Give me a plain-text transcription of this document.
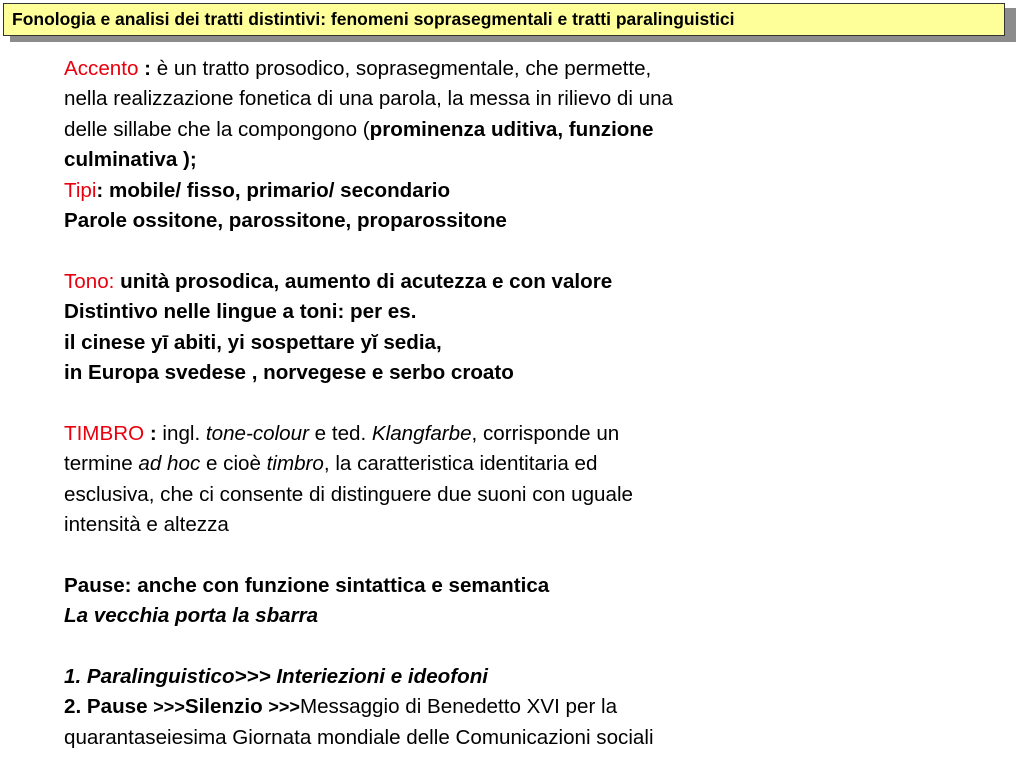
Fonologia e analisi dei tratti distintivi: fenomeni soprasegmentali e tratti paralinguistici
Accento : è un tratto prosodico, soprasegmentale, che permette,
nella realizzazione fonetica di una parola, la messa in rilievo di una
delle sillabe che la compongono (prominenza uditiva, funzione
culminativa );
Tipi: mobile/ fisso, primario/ secondario
Parole ossitone, parossitone, proparossitone
Tono: unità prosodica, aumento di acutezza e con valore
Distintivo nelle lingue a toni: per es.
il cinese yī abiti, yi sospettare yĭ sedia,
in Europa svedese , norvegese e serbo croato
TIMBRO : ingl. tone-colour e ted. Klangfarbe, corrisponde un
termine ad hoc e cioè timbro, la caratteristica identitaria ed
esclusiva, che ci consente di distinguere due suoni con uguale
intensità e altezza
Pause: anche con funzione sintattica e semantica
La vecchia porta la sbarra
1. Paralinguistico>>> Interiezioni e ideofoni
2. Pause >>>Silenzio >>>Messaggio di Benedetto XVI per la
quarantaseiesima Giornata mondiale delle Comunicazioni sociali
